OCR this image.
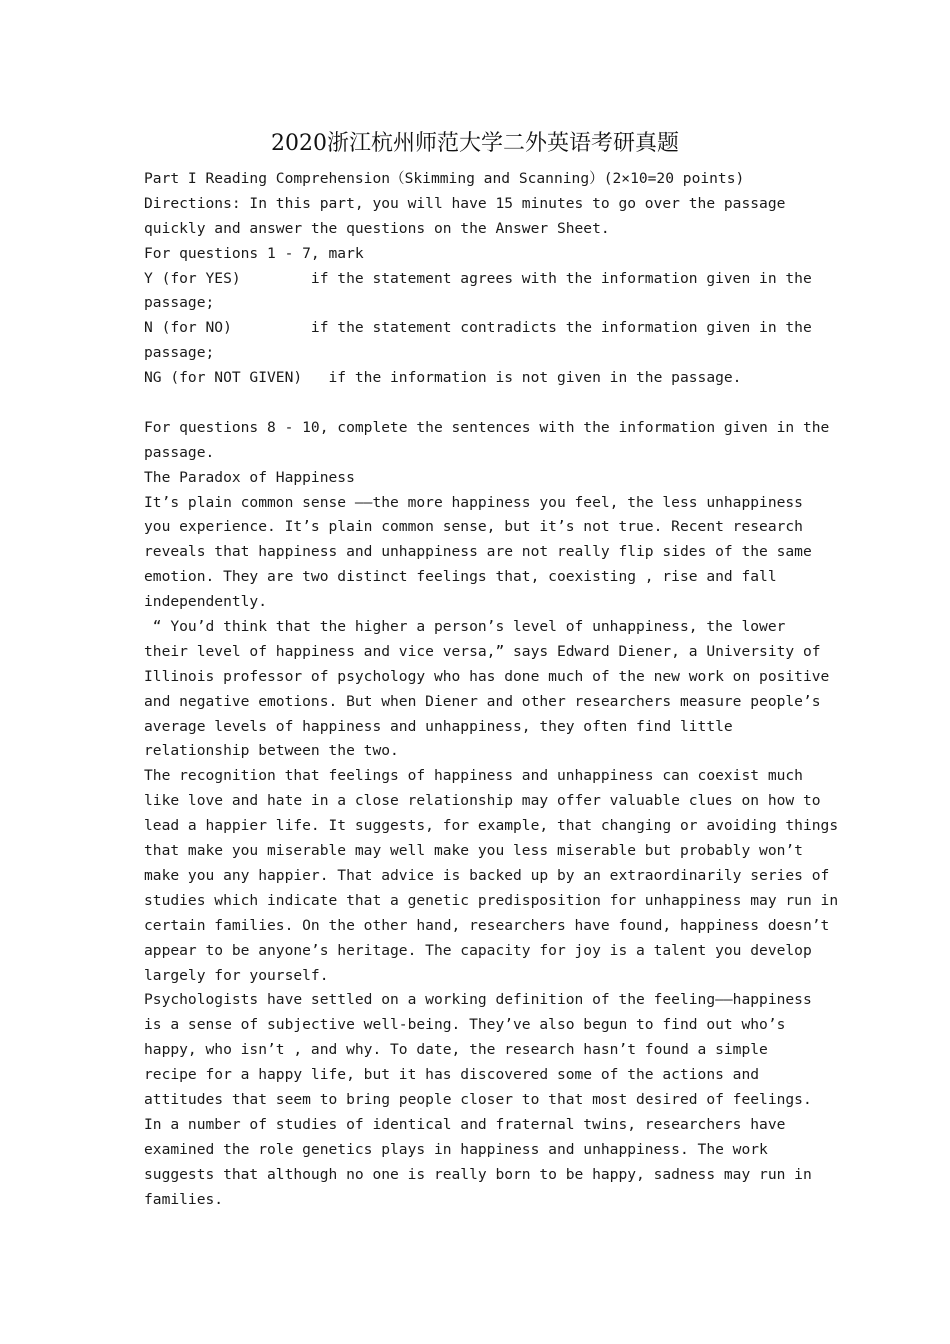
2020浙江杭州师范大学二外英语考研真题
Part I Reading Comprehension（Skimming and Scanning）(2×10=20 points)
Directions: In this part, you will have 15 minutes to go over the passage
quickly and answer the questions on the Answer Sheet.
For questions 1 - 7, mark
Y (for YES)        if the statement agrees with the information given in the
passage;
N (for NO)         if the statement contradicts the information given in the
passage;
NG (for NOT GIVEN)   if the information is not given in the passage.
For questions 8 - 10, complete the sentences with the information given in the
passage.
The Paradox of Happiness
It’s plain common sense ——the more happiness you feel, the less unhappiness
you experience. It’s plain common sense, but it’s not true. Recent research
reveals that happiness and unhappiness are not really flip sides of the same
emotion. They are two distinct feelings that, coexisting , rise and fall
independently.
“ You’d think that the higher a person’s level of unhappiness, the lower
their level of happiness and vice versa,” says Edward Diener, a University of
Illinois professor of psychology who has done much of the new work on positive
and negative emotions. But when Diener and other researchers measure people’s
average levels of happiness and unhappiness, they often find little
relationship between the two.
The recognition that feelings of happiness and unhappiness can coexist much
like love and hate in a close relationship may offer valuable clues on how to
lead a happier life. It suggests, for example, that changing or avoiding things
that make you miserable may well make you less miserable but probably won’t
make you any happier. That advice is backed up by an extraordinarily series of
studies which indicate that a genetic predisposition for unhappiness may run in
certain families. On the other hand, researchers have found, happiness doesn’t
appear to be anyone’s heritage. The capacity for joy is a talent you develop
largely for yourself.
Psychologists have settled on a working definition of the feeling——happiness
is a sense of subjective well-being. They’ve also begun to find out who’s
happy, who isn’t , and why. To date, the research hasn’t found a simple
recipe for a happy life, but it has discovered some of the actions and
attitudes that seem to bring people closer to that most desired of feelings.
In a number of studies of identical and fraternal twins, researchers have
examined the role genetics plays in happiness and unhappiness. The work
suggests that although no one is really born to be happy, sadness may run in
families.
